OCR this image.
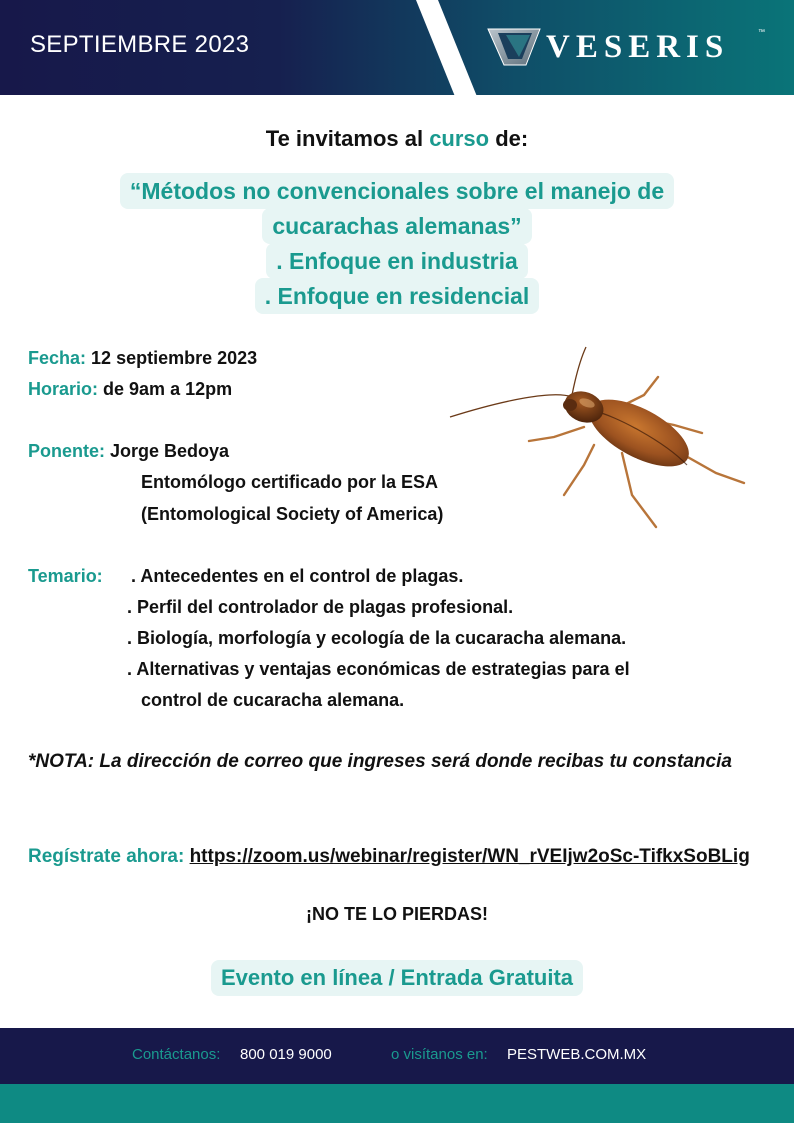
SEPTIEMBRE 2023	VESERIS	™
Te invitamos al curso de:
“Métodos no convencionales sobre el manejo de
cucarachas alemanas”
. Enfoque en industria
. Enfoque en residencial
Fecha: 12 septiembre 2023
Horario: de 9am a 12pm
Ponente: Jorge Bedoya
Entomólogo certificado por la ESA
(Entomological Society of America)
Temario: . Antecedentes en el control de plagas.
. Perfil del controlador de plagas profesional.
. Biología, morfología y ecología de la cucaracha alemana.
. Alternativas y ventajas económicas de estrategias para el
control de cucaracha alemana.
*NOTA: La dirección de correo que ingreses será donde recibas tu constancia
Regístrate ahora: https://zoom.us/webinar/register/WN_rVEIjw2oSc-TifkxSoBLig
¡NO TE LO PIERDAS!
Evento en línea / Entrada Gratuita
Contáctanos: 800 019 9000	o visítanos en: PESTWEB.COM.MX
